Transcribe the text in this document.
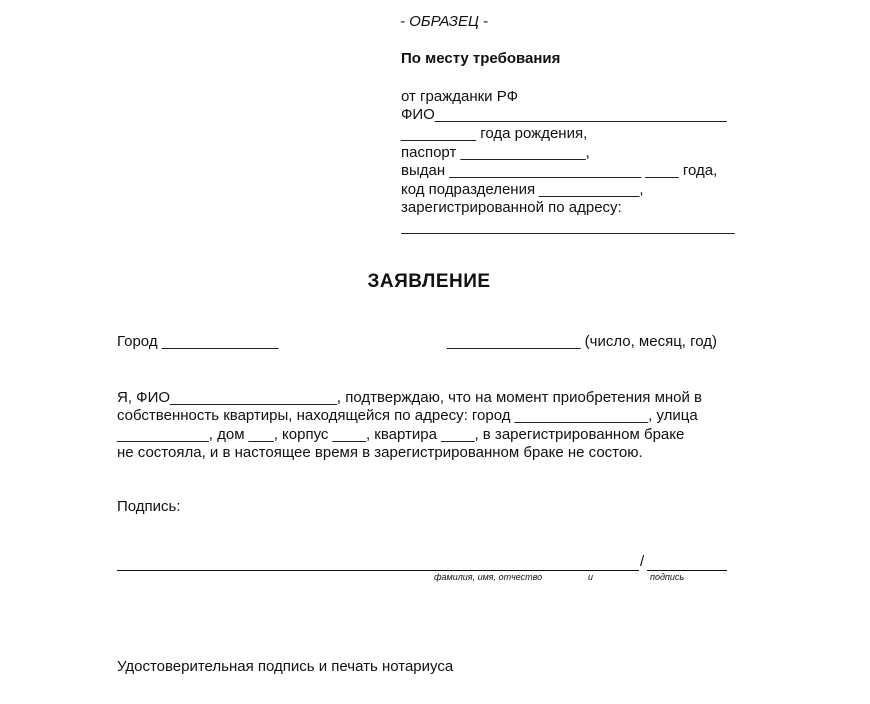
- ОБРАЗЕЦ -
По месту требования
от гражданки РФ
ФИО___________________________________
_________ года рождения,
паспорт _______________,
выдан _______________________ ____ года,
код подразделения ____________,
зарегистрированной по адресу:
________________________________________
ЗАЯВЛЕНИЕ
Город ______________	________________ (число, месяц, год)
Я, ФИО____________________, подтверждаю, что на момент приобретения мной в
собственность квартиры, находящейся по адресу: город ________________, улица
___________, дом ___, корпус ____, квартира ____, в зарегистрированном браке
не состояла, и в настоящее время в зарегистрированном браке не состою.
Подпись:
/
фамилия, имя, отчество	и	подпись
Удостоверительная подпись и печать нотариуса
